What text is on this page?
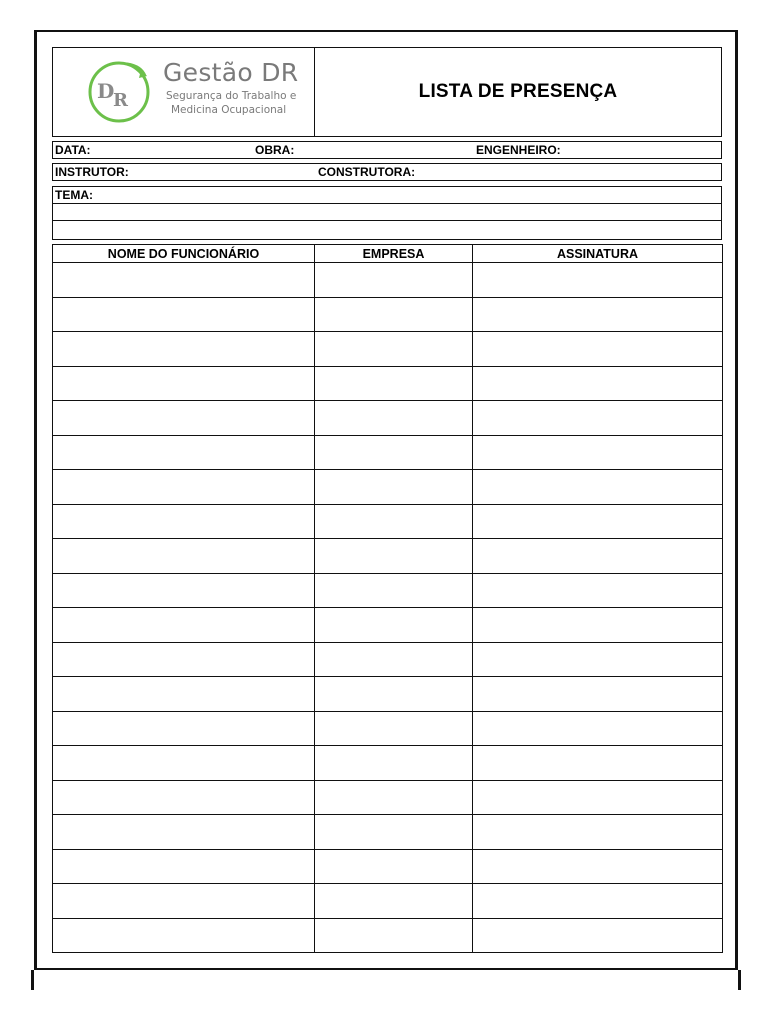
D
R
Gestão DR
Segurança do Trabalho e
Medicina Ocupacional
LISTA DE PRESENÇA
DATA:	OBRA:	ENGENHEIRO:
INSTRUTOR:	CONSTRUTORA:
TEMA:
NOME DO FUNCIONÁRIO	EMPRESA	ASSINATURA
